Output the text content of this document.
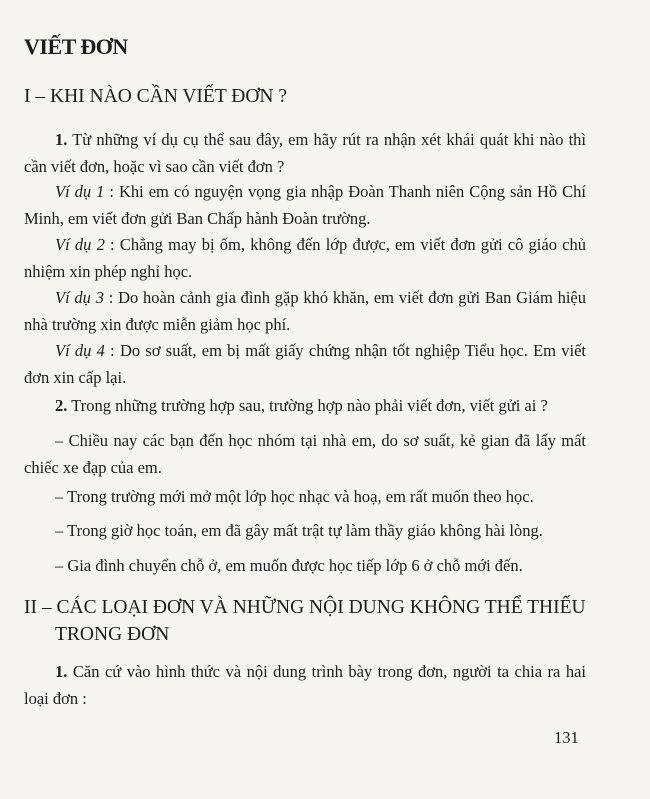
VIẾT ĐƠN
I – KHI NÀO CẦN VIẾT ĐƠN ?

1. Từ những ví dụ cụ thể sau đây, em hãy rút ra nhận xét khái quát khi nào thì cần viết đơn, hoặc vì sao cần viết đơn ?

Ví dụ 1 : Khi em có nguyện vọng gia nhập Đoàn Thanh niên Cộng sản Hồ Chí Minh, em viết đơn gửi Ban Chấp hành Đoàn trường.

Ví dụ 2 : Chẳng may bị ốm, không đến lớp được, em viết đơn gửi cô giáo chủ nhiệm xin phép nghỉ học.

Ví dụ 3 : Do hoàn cảnh gia đình gặp khó khăn, em viết đơn gửi Ban Giám hiệu nhà trường xin được miễn giảm học phí.

Ví dụ 4 : Do sơ suất, em bị mất giấy chứng nhận tốt nghiệp Tiểu học. Em viết đơn xin cấp lại.

2. Trong những trường hợp sau, trường hợp nào phải viết đơn, viết gửi ai ?

– Chiều nay các bạn đến học nhóm tại nhà em, do sơ suất, kẻ gian đã lấy mất chiếc xe đạp của em.

– Trong trường mới mở một lớp học nhạc và hoạ, em rất muốn theo học.

– Trong giờ học toán, em đã gây mất trật tự làm thầy giáo không hài lòng.

– Gia đình chuyển chỗ ở, em muốn được học tiếp lớp 6 ở chỗ mới đến.

II – CÁC LOẠI ĐƠN VÀ NHỮNG NỘI DUNG KHÔNG THỂ THIẾU TRONG ĐƠN

1. Căn cứ vào hình thức và nội dung trình bày trong đơn, người ta chia ra hai loại đơn :

131
